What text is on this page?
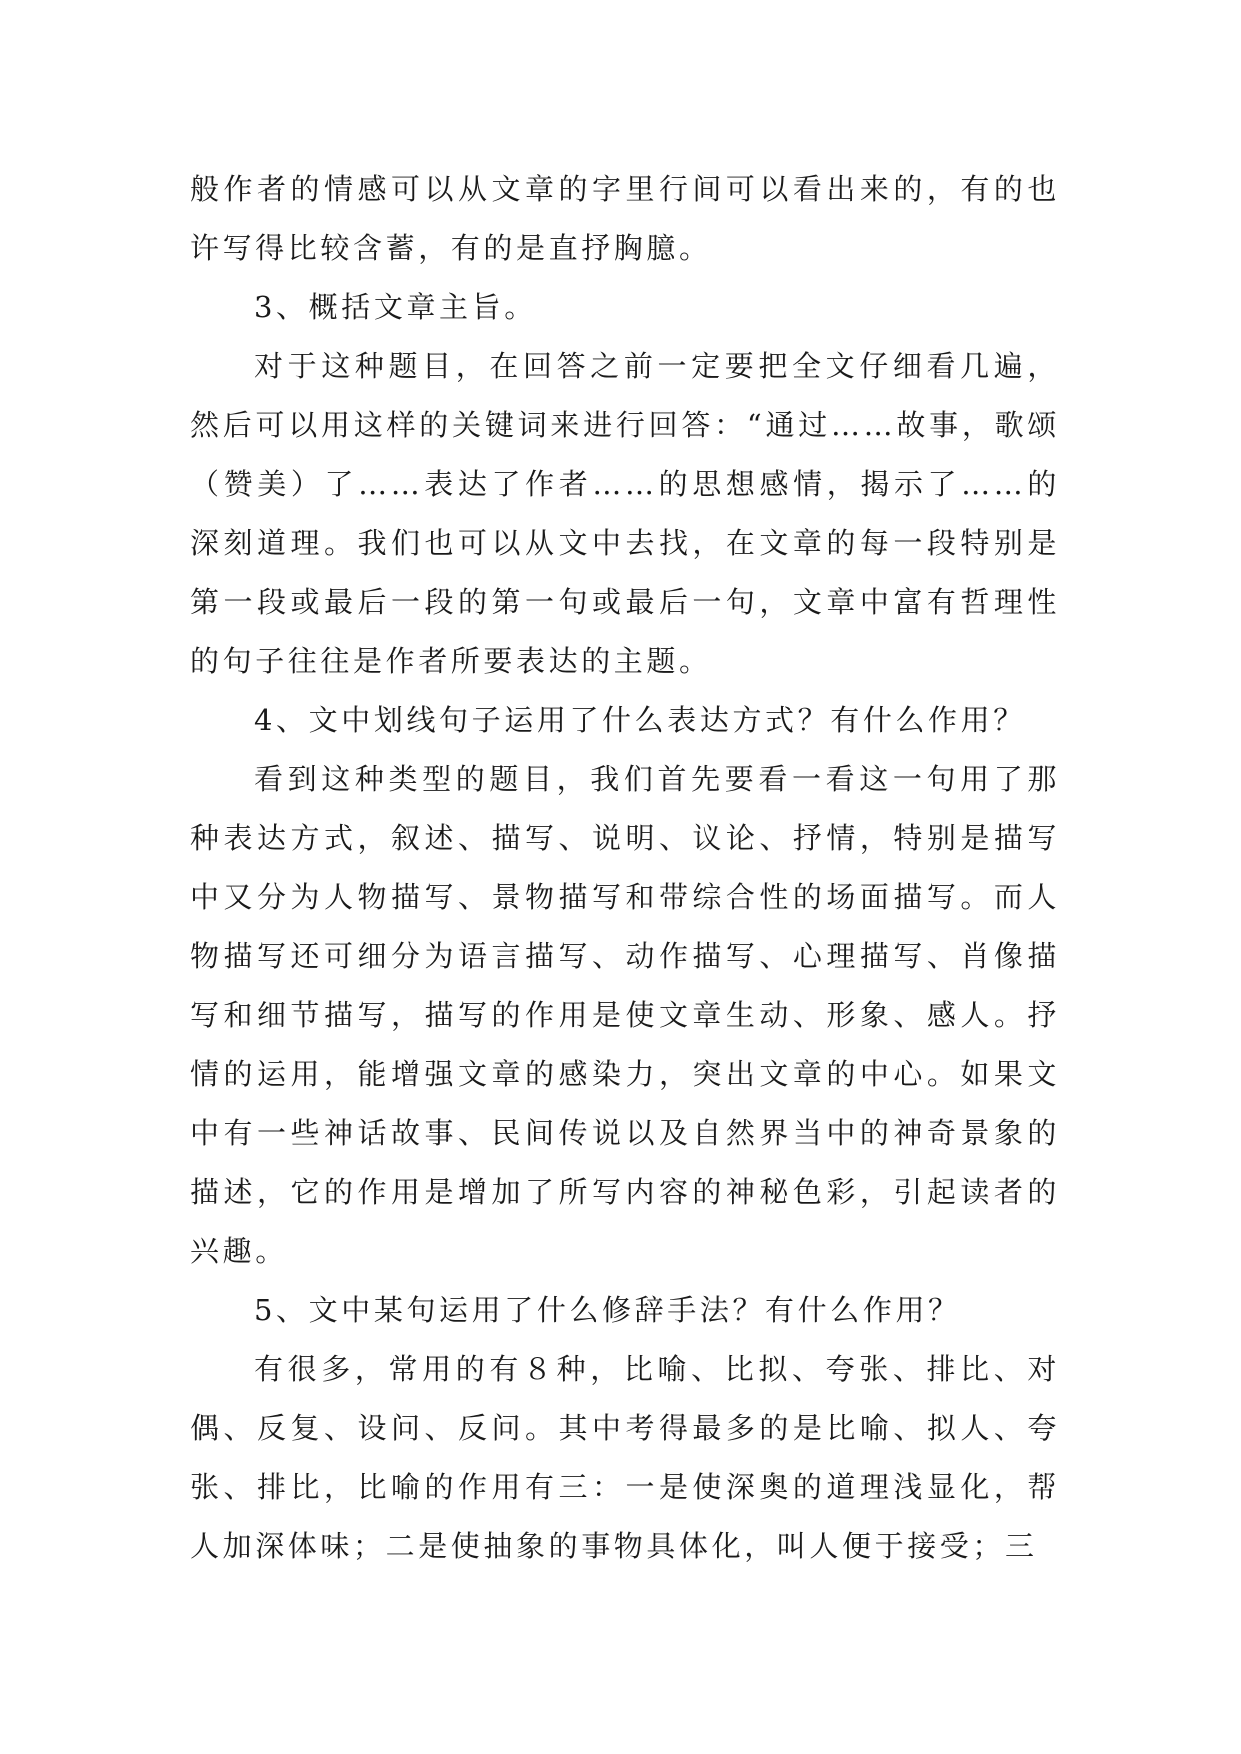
般作者的情感可以从文章的字里行间可以看出来的，有的也许写得比较含蓄，有的是直抒胸臆。

3、概括文章主旨。

对于这种题目，在回答之前一定要把全文仔细看几遍，然后可以用这样的关键词来进行回答：“通过……故事，歌颂（赞美）了……表达了作者……的思想感情，揭示了……的深刻道理。我们也可以从文中去找，在文章的每一段特别是第一段或最后一段的第一句或最后一句，文章中富有哲理性的句子往往是作者所要表达的主题。

4、文中划线句子运用了什么表达方式？有什么作用？

看到这种类型的题目，我们首先要看一看这一句用了那种表达方式，叙述、描写、说明、议论、抒情，特别是描写中又分为人物描写、景物描写和带综合性的场面描写。而人物描写还可细分为语言描写、动作描写、心理描写、肖像描写和细节描写，描写的作用是使文章生动、形象、感人。抒情的运用，能增强文章的感染力，突出文章的中心。如果文中有一些神话故事、民间传说以及自然界当中的神奇景象的描述，它的作用是增加了所写内容的神秘色彩，引起读者的兴趣。

5、文中某句运用了什么修辞手法？有什么作用？

有很多，常用的有８种，比喻、比拟、夸张、排比、对偶、反复、设问、反问。其中考得最多的是比喻、拟人、夸张、排比，比喻的作用有三：一是使深奥的道理浅显化，帮人加深体味；二是使抽象的事物具体化，叫人便于接受；三
